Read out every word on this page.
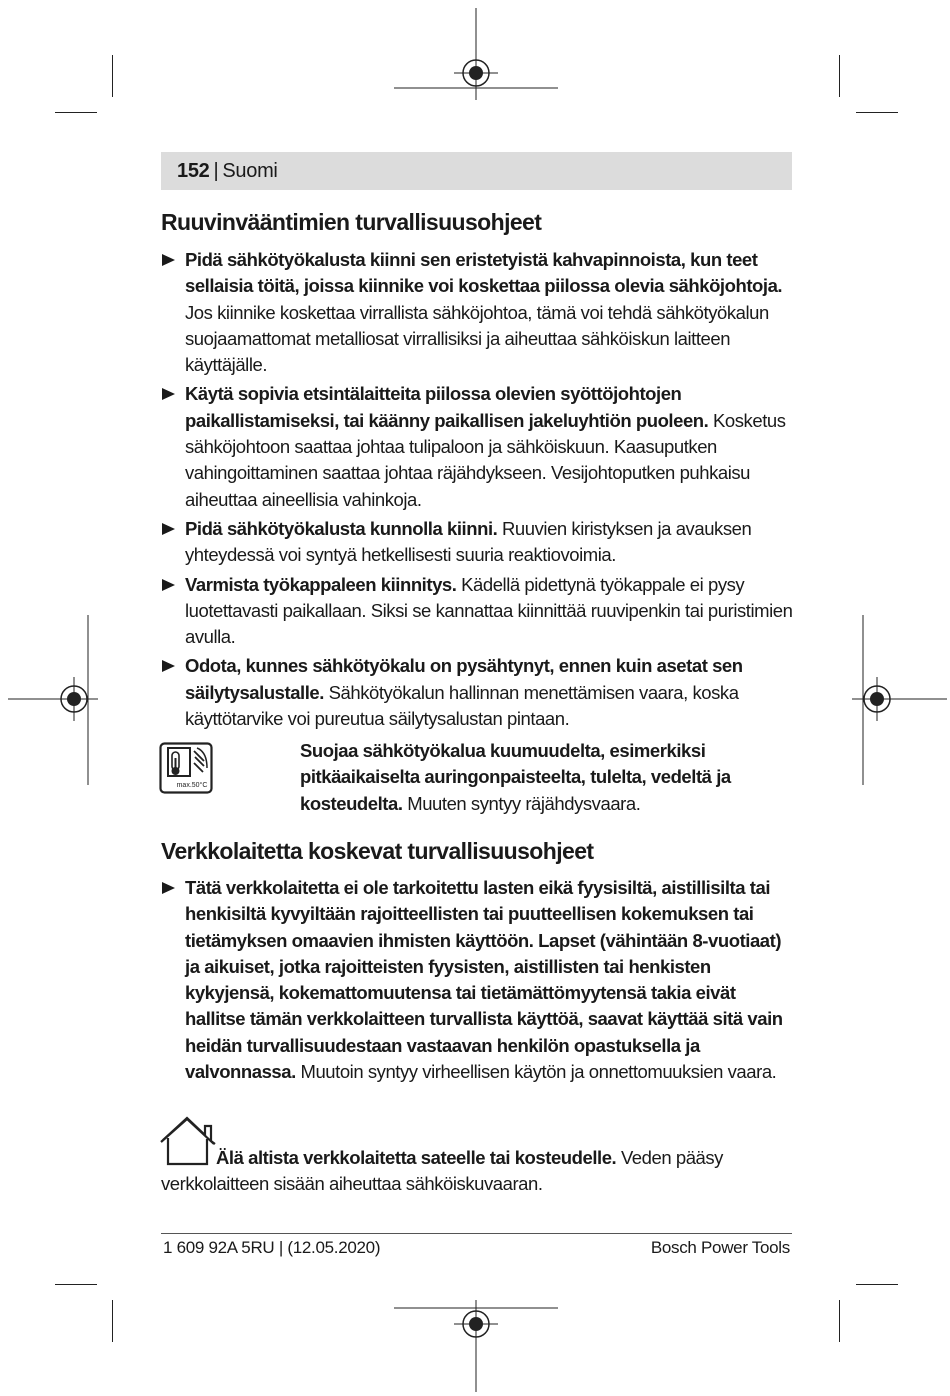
152 | Suomi
Ruuvinvääntimien turvallisuusohjeet
Pidä sähkötyökalusta kiinni sen eristetyistä kahvapinnoista, kun teet sellaisia töitä, joissa kiinnike voi koskettaa piilossa olevia sähköjohtoja. Jos kiinnike koskettaa virrallista sähköjohtoa, tämä voi tehdä sähkötyökalun suojaamattomat metalliosat virrallisiksi ja aiheuttaa sähköiskun laitteen käyttäjälle.
Käytä sopivia etsintälaitteita piilossa olevien syöttöjohtojen paikallistamiseksi, tai käänny paikallisen jakeluyhtiön puoleen. Kosketus sähköjohtoon saattaa johtaa tulipaloon ja sähköiskuun. Kaasuputken vahingoittaminen saattaa johtaa räjähdykseen. Vesijohtoputken puhkaisu aiheuttaa aineellisia vahinkoja.
Pidä sähkötyökalusta kunnolla kiinni. Ruuvien kiristyksen ja avauksen yhteydessä voi syntyä hetkellisesti suuria reaktiovoimia.
Varmista työkappaleen kiinnitys. Kädellä pidettynä työkappale ei pysy luotettavasti paikallaan. Siksi se kannattaa kiinnittää ruuvipenkin tai puristimien avulla.
Odota, kunnes sähkötyökalu on pysähtynyt, ennen kuin asetat sen säilytysalustalle. Sähkötyökalun hallinnan menettämisen vaara, koska käyttötarvike voi pureutua säilytysalustan pintaan.
max.50°C
Suojaa sähkötyökalua kuumuudelta, esimerkiksi pitkäaikaiselta auringonpaisteelta, tulelta, vedeltä ja kosteudelta. Muuten syntyy räjähdysvaara.
Verkkolaitetta koskevat turvallisuusohjeet
Tätä verkkolaitetta ei ole tarkoitettu lasten eikä fyysisiltä, aistillisilta tai henkisiltä kyvyiltään rajoitteellisten tai puutteellisen kokemuksen tai tietämyksen omaavien ihmisten käyttöön. Lapset (vähintään 8-vuotiaat) ja aikuiset, jotka rajoitteisten fyysisten, aistillisten tai henkisten kykyjensä, kokemattomuutensa tai tietämättömyytensä takia eivät hallitse tämän verkkolaitteen turvallista käyttöä, saavat käyttää sitä vain heidän turvallisuudestaan vastaavan henkilön opastuksella ja valvonnassa. Muutoin syntyy virheellisen käytön ja onnettomuuksien vaara.
Älä altista verkkolaitetta sateelle tai kosteudelle. Veden pääsy verkkolaitteen sisään aiheuttaa sähköiskuvaaran.
1 609 92A 5RU | (12.05.2020)	Bosch Power Tools
